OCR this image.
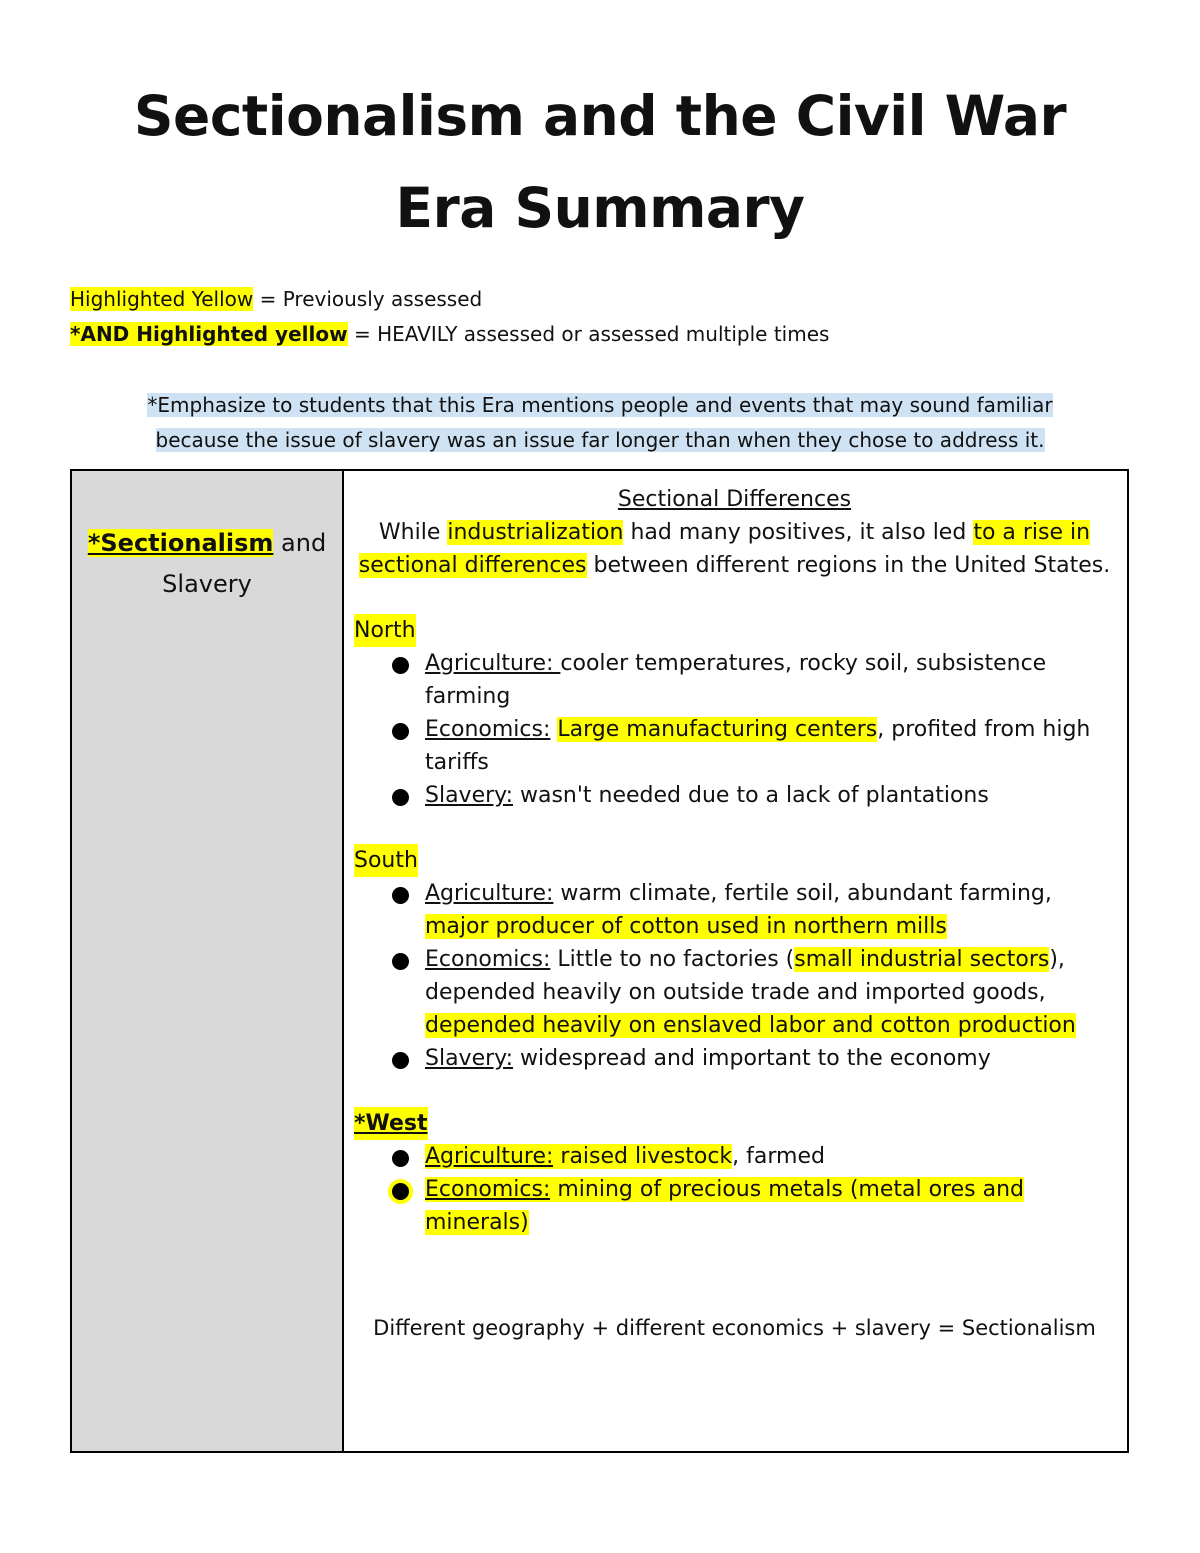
Sectionalism and the Civil War
Era Summary
Highlighted Yellow = Previously assessed
*AND Highlighted yellow = HEAVILY assessed or assessed multiple times
*Emphasize to students that this Era mentions people and events that may sound familiar
because the issue of slavery was an issue far longer than when they chose to address it.
*Sectionalism and
Slavery
Sectional Differences
While industrialization had many positives, it also led to a rise in sectional differences between different regions in the United States.
North
Agriculture: cooler temperatures, rocky soil, subsistence farming
Economics: Large manufacturing centers, profited from high tariffs
Slavery: wasn't needed due to a lack of plantations
South
Agriculture: warm climate, fertile soil, abundant farming, major producer of cotton used in northern mills
Economics: Little to no factories (small industrial sectors), depended heavily on outside trade and imported goods, depended heavily on enslaved labor and cotton production
Slavery: widespread and important to the economy
*West
Agriculture: raised livestock, farmed
Economics: mining of precious metals (metal ores and minerals)
Different geography + different economics + slavery = Sectionalism
